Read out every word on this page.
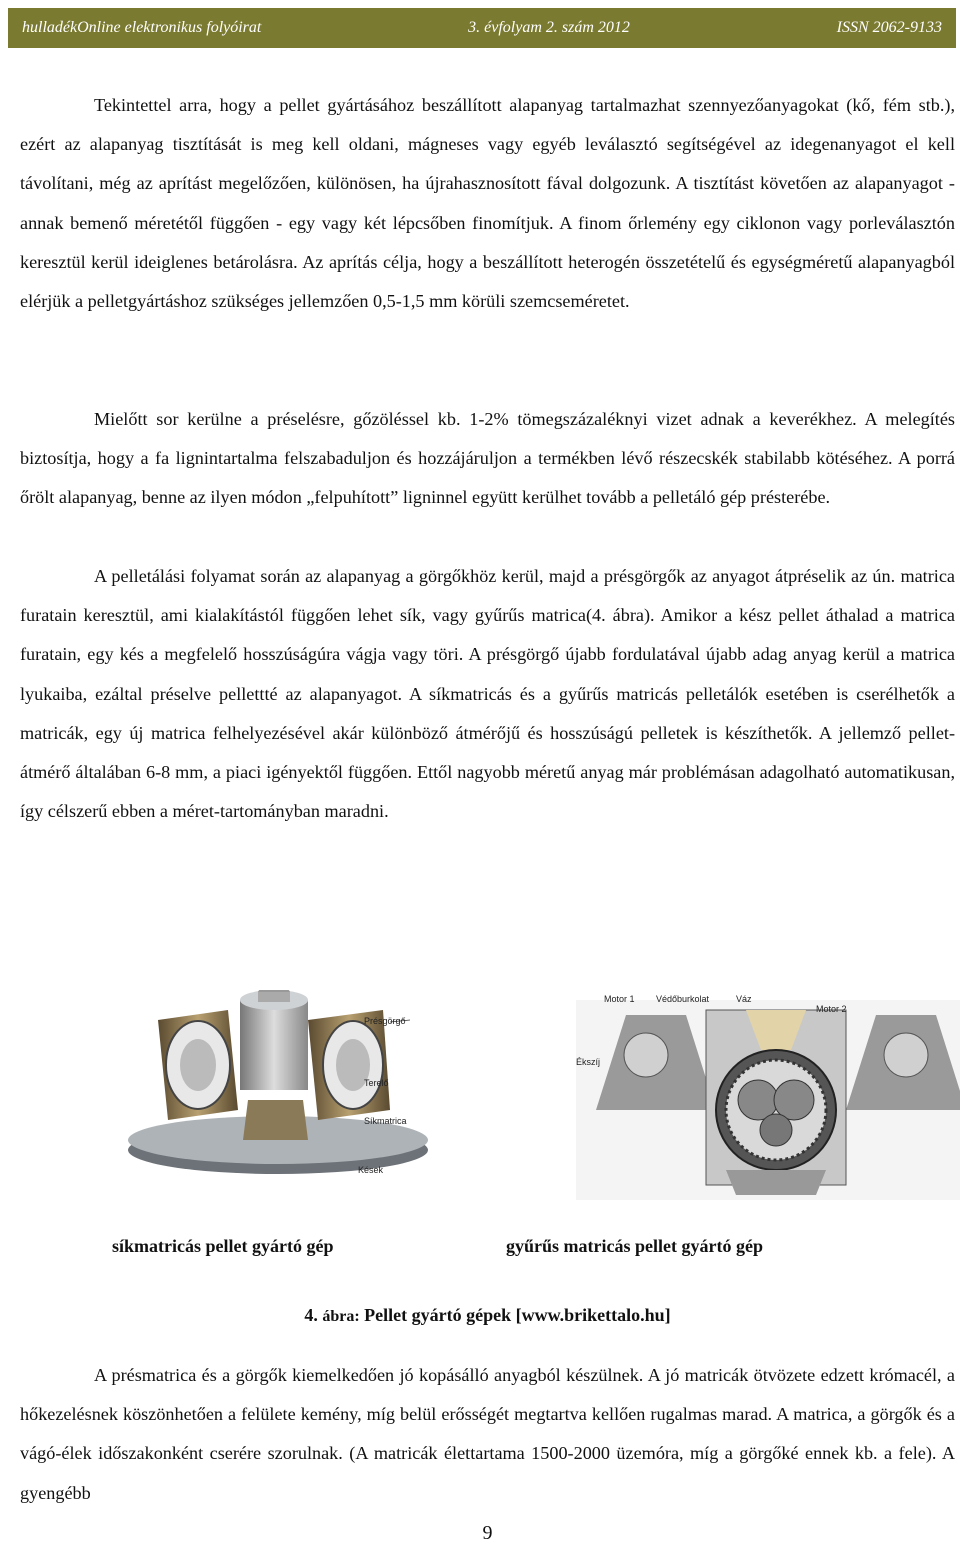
hulladékOnline elektronikus folyóirat	3. évfolyam 2. szám 2012	ISSN 2062-9133

Tekintettel arra, hogy a pellet gyártásához beszállított alapanyag tartalmazhat szennyezőanyagokat (kő, fém stb.), ezért az alapanyag tisztítását is meg kell oldani, mágneses vagy egyéb leválasztó segítségével az idegenanyagot el kell távolítani, még az aprítást megelőzően, különösen, ha újrahasznosított fával dolgozunk. A tisztítást követően az alapanyagot - annak bemenő méretétől függően - egy vagy két lépcsőben finomítjuk. A finom őrlemény egy ciklonon vagy porleválasztón keresztül kerül ideiglenes betárolásra. Az aprítás célja, hogy a beszállított heterogén összetételű és egységméretű alapanyagból elérjük a pelletgyártáshoz szükséges jellemzően 0,5-1,5 mm körüli szemcseméretet.

Mielőtt sor kerülne a préselésre, gőzöléssel kb. 1-2% tömegszázaléknyi vizet adnak a keverékhez. A melegítés biztosítja, hogy a fa lignintartalma felszabaduljon és hozzájáruljon a termékben lévő részecskék stabilabb kötéséhez. A porrá őrölt alapanyag, benne az ilyen módon „felpuhított” ligninnel együtt kerülhet tovább a pelletáló gép présterébe.

A pelletálási folyamat során az alapanyag a görgőkhöz kerül, majd a présgörgők az anyagot átpréselik az ún. matrica furatain keresztül, ami kialakítástól függően lehet sík, vagy gyűrűs matrica(4. ábra). Amikor a kész pellet áthalad a matrica furatain, egy kés a megfelelő hosszúságúra vágja vagy töri. A présgörgő újabb fordulatával újabb adag anyag kerül a matrica lyukaiba, ezáltal préselve pellettté az alapanyagot. A síkmatricás és a gyűrűs matricás pelletálók esetében is cserélhetők a matricák, egy új matrica felhelyezésével akár különböző átmérőjű és hosszúságú pelletek is készíthetők. A jellemző pellet-átmérő általában 6-8 mm, a piaci igényektől függően. Ettől nagyobb méretű anyag már problémásan adagolható automatikusan, így célszerű ebben a méret-tartományban maradni.

Présgörgő
Terelő
Síkmatrica
Kések
Motor 1 Védőburkolat	Váz
Motor 2
Ékszíj
síkmatricás pellet gyártó gép	gyűrűs matricás pellet gyártó gép
4. ábra: Pellet gyártó gépek [www.brikettalo.hu]

A présmatrica és a görgők kiemelkedően jó kopásálló anyagból készülnek. A jó matricák ötvözete edzett krómacél, a hőkezelésnek köszönhetően a felülete kemény, míg belül erősségét megtartva kellően rugalmas marad. A matrica, a görgők és a vágó-élek időszakonként cserére szorulnak. (A matricák élettartama 1500-2000 üzemóra, míg a görgőké ennek kb. a fele). A gyengébb

9
